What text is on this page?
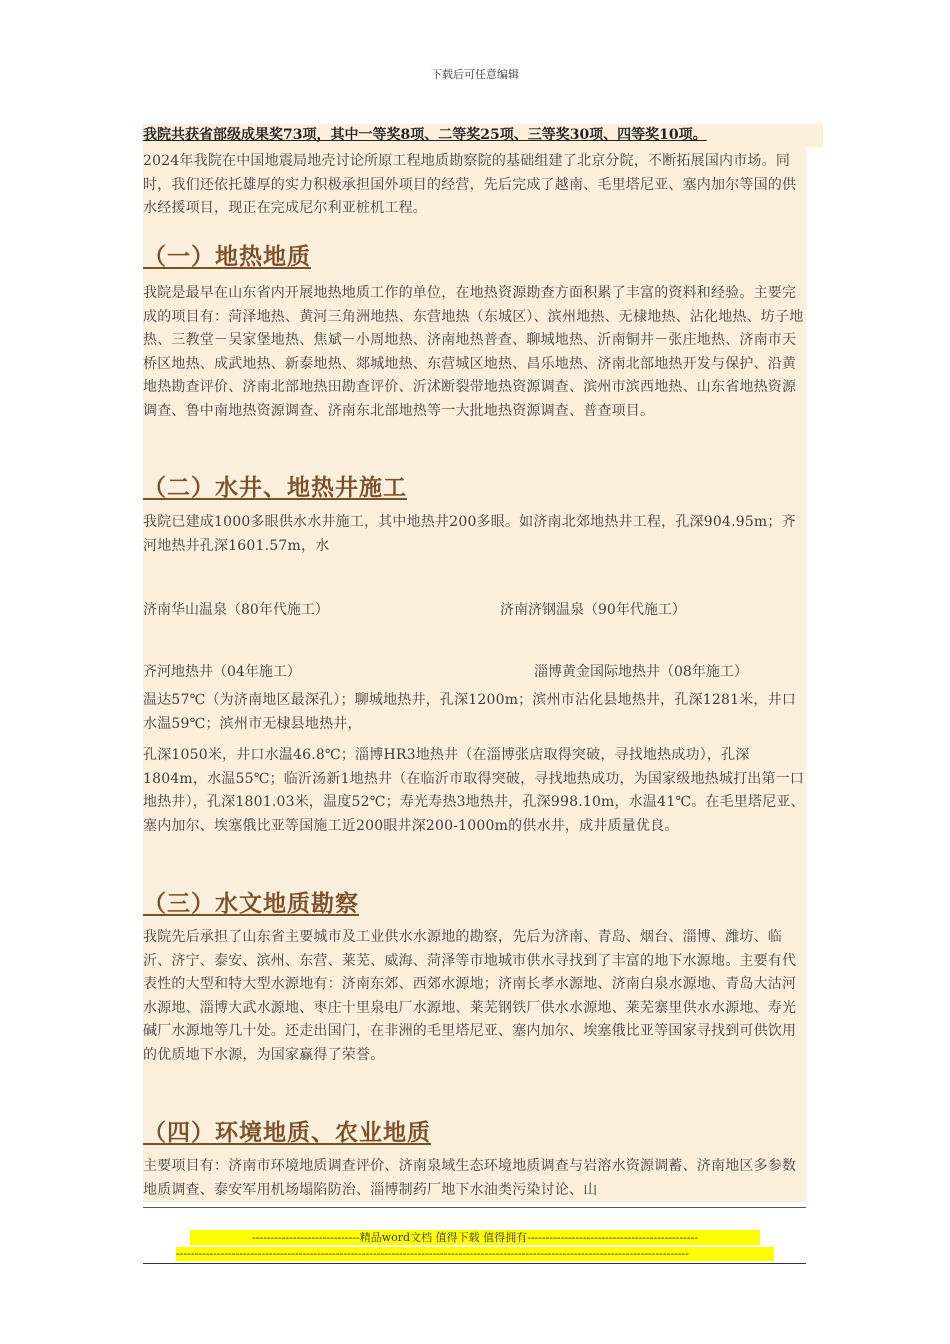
下载后可任意编辑

我院共获省部级成果奖73项，其中一等奖8项、二等奖25项、三等奖30项、四等奖10项。

2024年我院在中国地震局地壳讨论所原工程地质勘察院的基础组建了北京分院，不断拓展国内市场。同时，我们还依托雄厚的实力积极承担国外项目的经营，先后完成了越南、毛里塔尼亚、塞内加尔等国的供水经援项目，现正在完成尼尔利亚桩机工程。

（一）地热地质

我院是最早在山东省内开展地热地质工作的单位，在地热资源勘查方面积累了丰富的资料和经验。主要完成的项目有：菏泽地热、黄河三角洲地热、东营地热（东城区）、滨州地热、无棣地热、沾化地热、坊子地热、三教堂－吴家堡地热、焦斌－小周地热、济南地热普查、聊城地热、沂南铜井－张庄地热、济南市天桥区地热、成武地热、新泰地热、郯城地热、东营城区地热、昌乐地热、济南北部地热开发与保护、沿黄地热勘查评价、济南北部地热田勘查评价、沂沭断裂带地热资源调查、滨州市滨西地热、山东省地热资源调查、鲁中南地热资源调查、济南东北部地热等一大批地热资源调查、普查项目。

（二）水井、地热井施工

我院已建成1000多眼供水水井施工，其中地热井200多眼。如济南北郊地热井工程，孔深904.95m；齐河地热井孔深1601.57m，水

济南华山温泉（80年代施工）	济南济钢温泉（90年代施工）
齐河地热井（04年施工）	淄博黄金国际地热井（08年施工）

温达57℃（为济南地区最深孔）；聊城地热井，孔深1200m；滨州市沾化县地热井，孔深1281米，井口水温59℃；滨州市无棣县地热井，

孔深1050米，井口水温46.8℃；淄博HR3地热井（在淄博张店取得突破，寻找地热成功），孔深1804m，水温55℃；临沂汤新1地热井（在临沂市取得突破，寻找地热成功，为国家级地热城打出第一口地热井），孔深1801.03米，温度52℃；寿光寿热3地热井，孔深998.10m，水温41℃。在毛里塔尼亚、塞内加尔、埃塞俄比亚等国施工近200眼井深200-1000m的供水井，成井质量优良。

（三）水文地质勘察

我院先后承担了山东省主要城市及工业供水水源地的勘察，先后为济南、青岛、烟台、淄博、潍坊、临沂、济宁、泰安、滨州、东营、莱芜、威海、菏泽等市地城市供水寻找到了丰富的地下水源地。主要有代表性的大型和特大型水源地有：济南东郊、西郊水源地；济南长孝水源地、济南白泉水源地、青岛大沽河水源地、淄博大武水源地、枣庄十里泉电厂水源地、莱芜钢铁厂供水水源地、莱芜寨里供水水源地、寿光碱厂水源地等几十处。还走出国门，在非洲的毛里塔尼亚、塞内加尔、埃塞俄比亚等国家寻找到可供饮用的优质地下水源，为国家赢得了荣誉。

（四）环境地质、农业地质

主要项目有：济南市环境地质调查评价、济南泉域生态环境地质调查与岩溶水资源调蓄、济南地区多参数地质调查、泰安军用机场塌陷防治、淄博制药厂地下水油类污染讨论、山

-----------------------------精品word文档 值得下载 值得拥有----------------------------------------------
------------------------------------------------------------------------------------------------------------------------------------------
